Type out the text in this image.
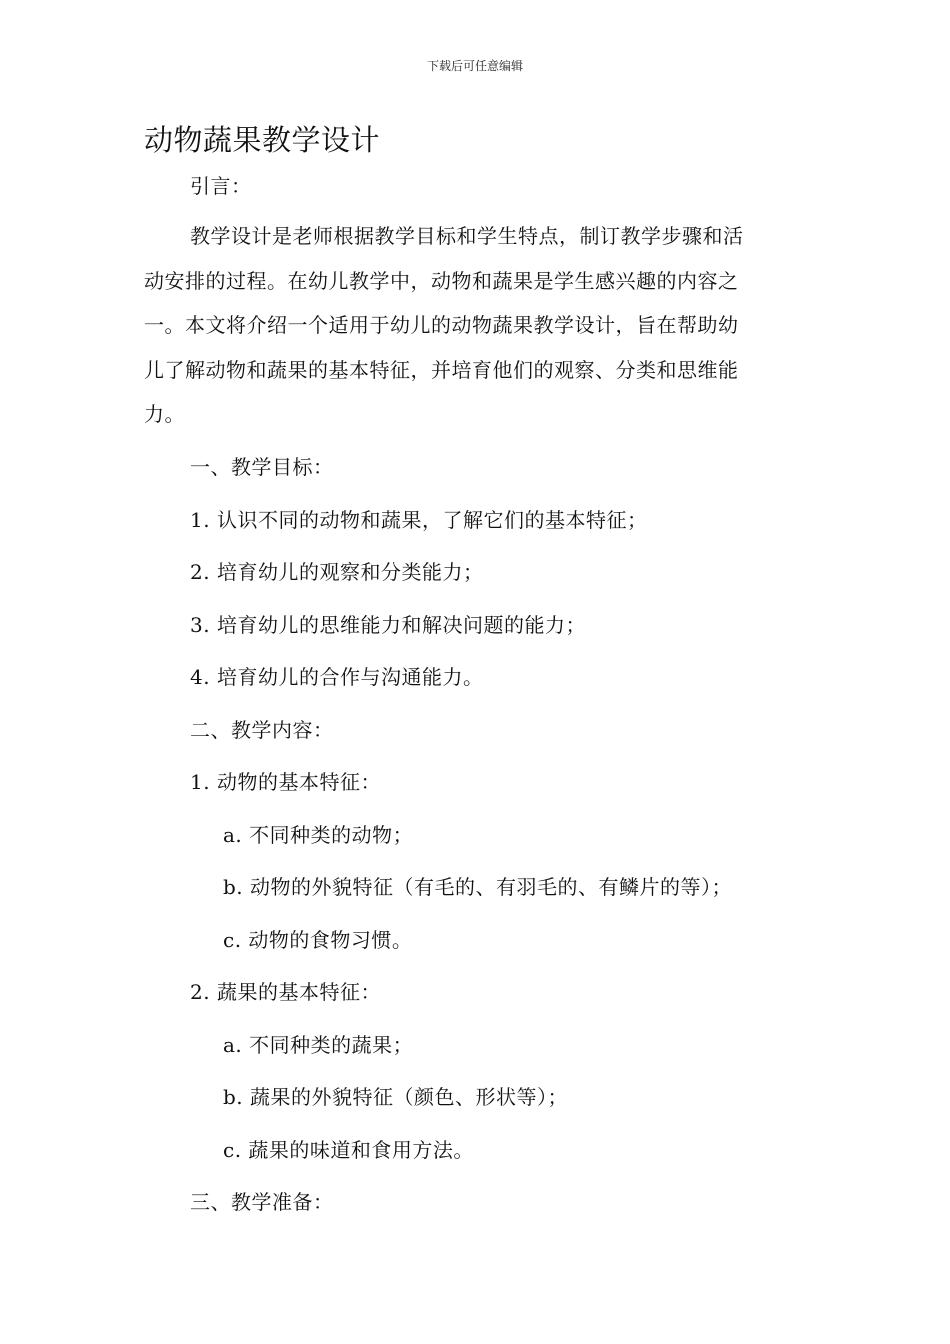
下载后可任意编辑
动物蔬果教学设计
引言：
教学设计是老师根据教学目标和学生特点，制订教学步骤和活
动安排的过程。在幼儿教学中，动物和蔬果是学生感兴趣的内容之
一。本文将介绍一个适用于幼儿的动物蔬果教学设计，旨在帮助幼
儿了解动物和蔬果的基本特征，并培育他们的观察、分类和思维能
力。
一、教学目标：
1. 认识不同的动物和蔬果，了解它们的基本特征；
2. 培育幼儿的观察和分类能力；
3. 培育幼儿的思维能力和解决问题的能力；
4. 培育幼儿的合作与沟通能力。
二、教学内容：
1. 动物的基本特征：
a. 不同种类的动物；
b. 动物的外貌特征（有毛的、有羽毛的、有鳞片的等）；
c. 动物的食物习惯。
2. 蔬果的基本特征：
a. 不同种类的蔬果；
b. 蔬果的外貌特征（颜色、形状等）；
c. 蔬果的味道和食用方法。
三、教学准备：
